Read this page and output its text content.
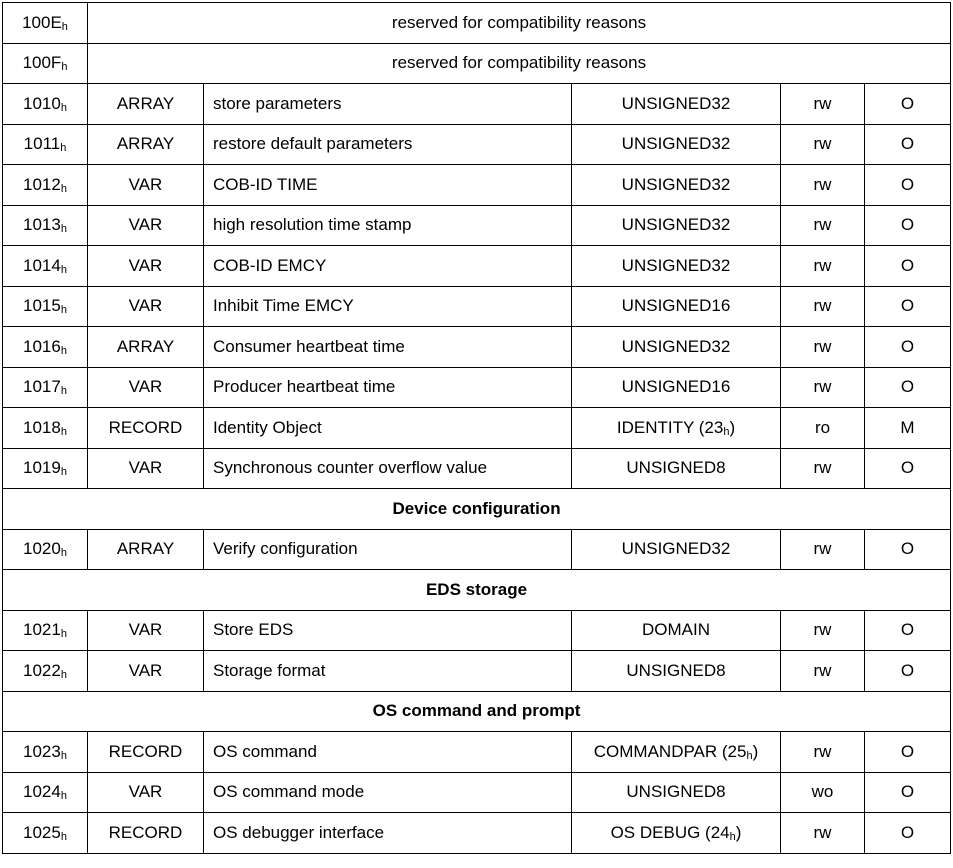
$100E_h$	reserved for compatibility reasons				
$100F_h$	reserved for compatibility reasons				
$1010_h$	ARRAY	store parameters	UNSIGNED32	rw	O
$1011_h$	ARRAY	restore default parameters	UNSIGNED32	rw	O
$1012_h$	VAR	COB-ID TIME	UNSIGNED32	rw	O
$1013_h$	VAR	high resolution time stamp	UNSIGNED32	rw	O
$1014_h$	VAR	COB-ID EMCY	UNSIGNED32	rw	O
$1015_h$	VAR	Inhibit Time EMCY	UNSIGNED16	rw	O
$1016_h$	ARRAY	Consumer heartbeat time	UNSIGNED32	rw	O
$1017_h$	VAR	Producer heartbeat time	UNSIGNED16	rw	O
$1018_h$	RECORD	Identity Object	IDENTITY $(23_h)$	ro	M
$1019_h$	VAR	Synchronous counter overflow value	UNSIGNED8	rw	O
Device configuration					
$1020_h$	ARRAY	Verify configuration	UNSIGNED32	rw	O
EDS storage					
$1021_h$	VAR	Store EDS	DOMAIN	rw	O
$1022_h$	VAR	Storage format	UNSIGNED8	rw	O
OS command and prompt					
$1023_h$	RECORD	OS command	COMMANDPAR $(25_h)$	rw	O
$1024_h$	VAR	OS command mode	UNSIGNED8	wo	O
$1025_h$	RECORD	OS debugger interface	OS DEBUG $(24_h)$	rw	O
